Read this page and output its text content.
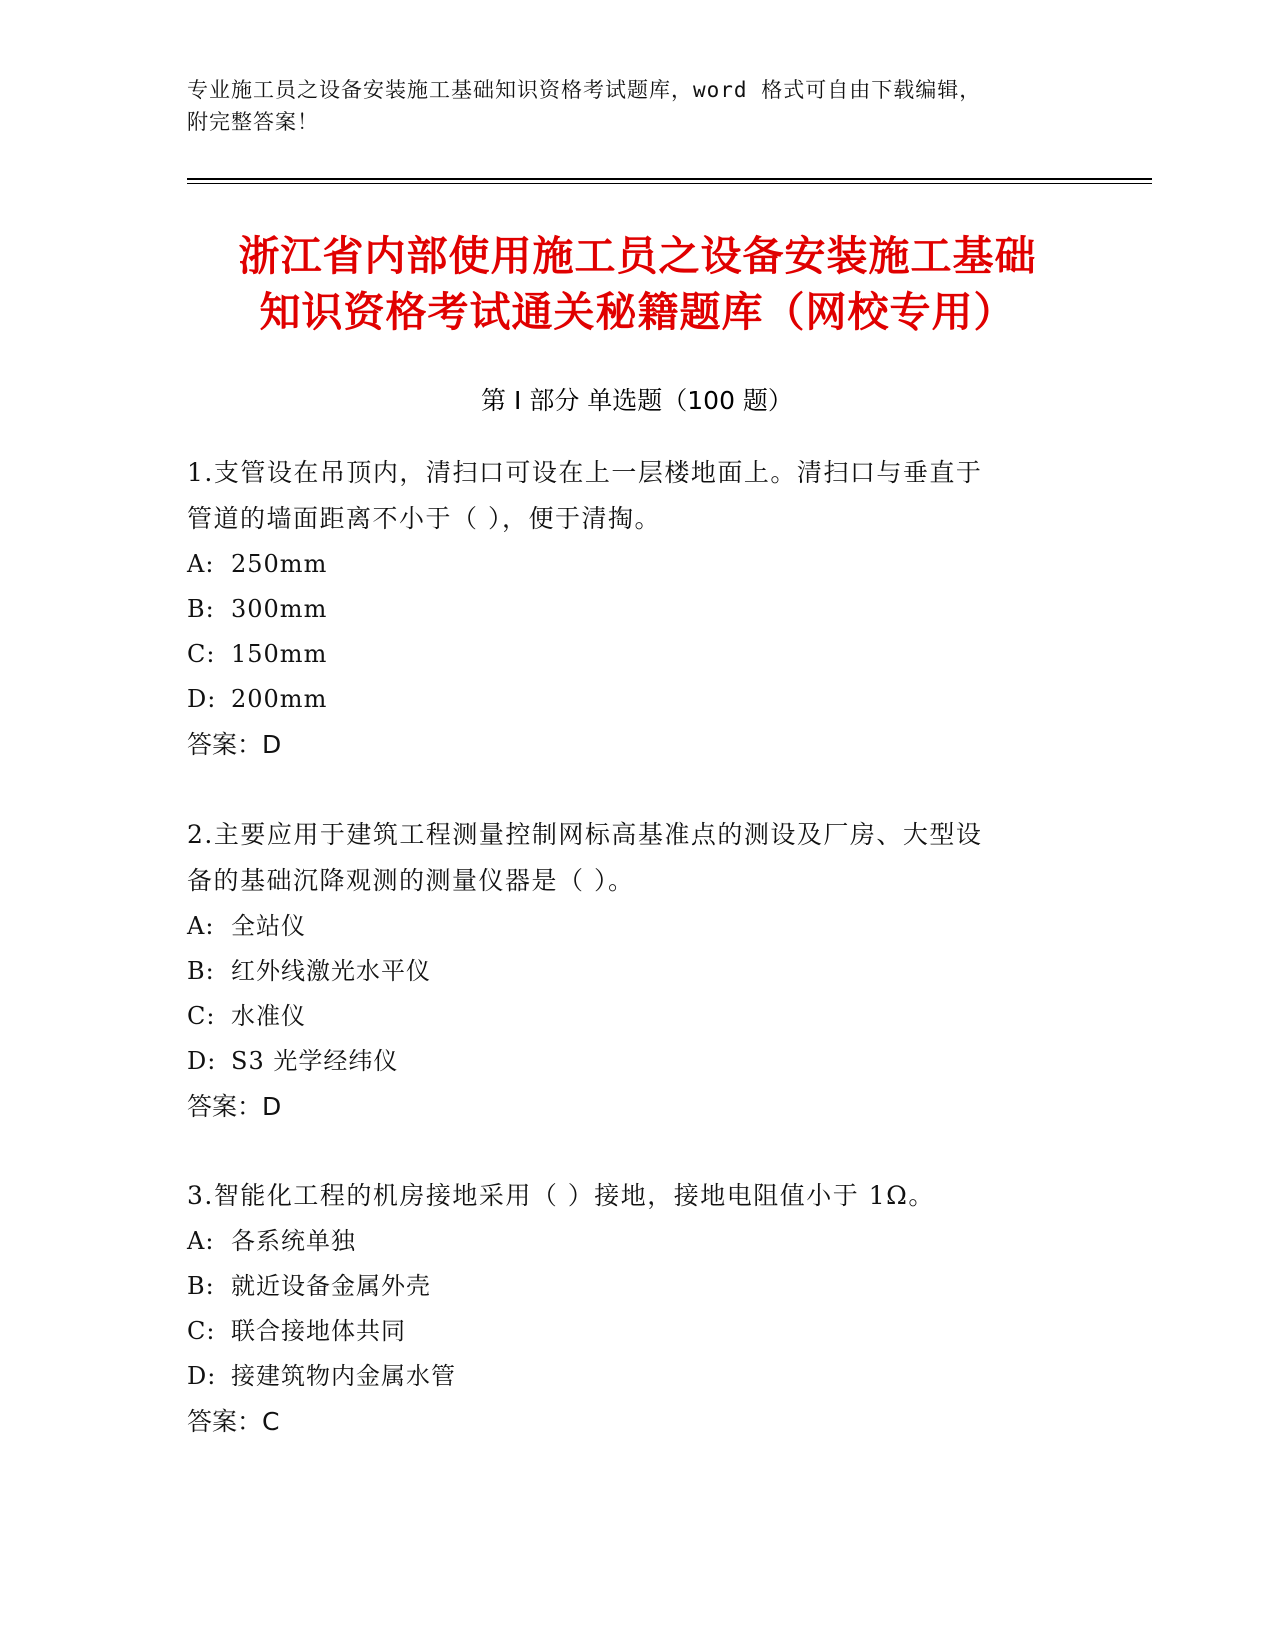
专业施工员之设备安装施工基础知识资格考试题库，word 格式可自由下载编辑，
附完整答案！
浙江省内部使用施工员之设备安装施工基础
知识资格考试通关秘籍题库（网校专用）
第 I 部分 单选题（100 题）

1.支管设在吊顶内，清扫口可设在上一层楼地面上。清扫口与垂直于

管道的墙面距离不小于（ ），便于清掏。

A: 250mm

B: 300mm

C: 150mm

D: 200mm

答案：D

2.主要应用于建筑工程测量控制网标高基准点的测设及厂房、大型设

备的基础沉降观测的测量仪器是（ ）。

A: 全站仪

B: 红外线激光水平仪

C: 水准仪

D: S3 光学经纬仪

答案：D

3.智能化工程的机房接地采用（ ）接地，接地电阻值小于 1Ω。

A: 各系统单独

B: 就近设备金属外壳

C: 联合接地体共同

D: 接建筑物内金属水管

答案：C
